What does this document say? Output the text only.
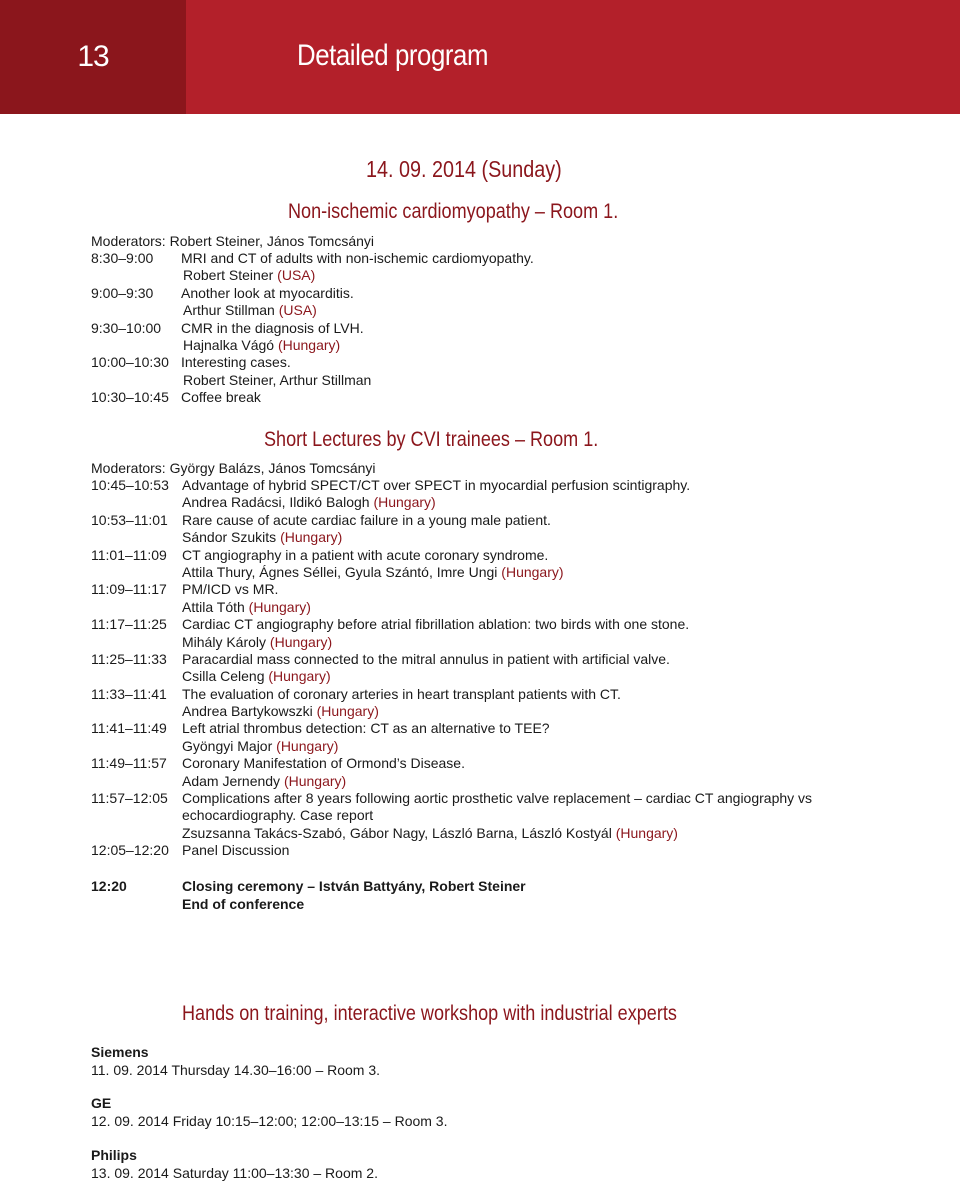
13	Detailed program
14. 09. 2014 (Sunday)
Non-ischemic cardiomyopathy – Room 1.
Moderators: Robert Steiner, János Tomcsányi
8:30–9:00 MRI and CT of adults with non-ischemic cardiomyopathy.
Robert Steiner (USA)
9:00–9:30 Another look at myocarditis.
Arthur Stillman (USA)
9:30–10:00 CMR in the diagnosis of LVH.
Hajnalka Vágó (Hungary)
10:00–10:30 Interesting cases.
Robert Steiner, Arthur Stillman
10:30–10:45 Coffee break
Short Lectures by CVI trainees – Room 1.
Moderators: György Balázs, János Tomcsányi
10:45–10:53 Advantage of hybrid SPECT/CT over SPECT in myocardial perfusion scintigraphy.
Andrea Radácsi, Ildikó Balogh (Hungary)
10:53–11:01 Rare cause of acute cardiac failure in a young male patient.
Sándor Szukits (Hungary)
11:01–11:09 CT angiography in a patient with acute coronary syndrome.
Attila Thury, Ágnes Séllei, Gyula Szántó, Imre Ungi (Hungary)
11:09–11:17 PM/ICD vs MR.
Attila Tóth (Hungary)
11:17–11:25 Cardiac CT angiography before atrial fibrillation ablation: two birds with one stone.
Mihály Károly (Hungary)
11:25–11:33 Paracardial mass connected to the mitral annulus in patient with artificial valve.
Csilla Celeng (Hungary)
11:33–11:41 The evaluation of coronary arteries in heart transplant patients with CT.
Andrea Bartykowszki (Hungary)
11:41–11:49 Left atrial thrombus detection: CT as an alternative to TEE?
Gyöngyi Major (Hungary)
11:49–11:57 Coronary Manifestation of Ormond’s Disease.
Adam Jernendy (Hungary)
11:57–12:05 Complications after 8 years following aortic prosthetic valve replacement – cardiac CT angiography vs
echocardiography. Case report
Zsuzsanna Takács-Szabó, Gábor Nagy, László Barna, László Kostyál (Hungary)
12:05–12:20 Panel Discussion
12:20	Closing ceremony – István Battyány, Robert Steiner
End of conference
Hands on training, interactive workshop with industrial experts
Siemens
11. 09. 2014 Thursday 14.30–16:00 – Room 3.
GE
12. 09. 2014 Friday 10:15–12:00; 12:00–13:15 – Room 3.
Philips
13. 09. 2014 Saturday 11:00–13:30 – Room 2.
